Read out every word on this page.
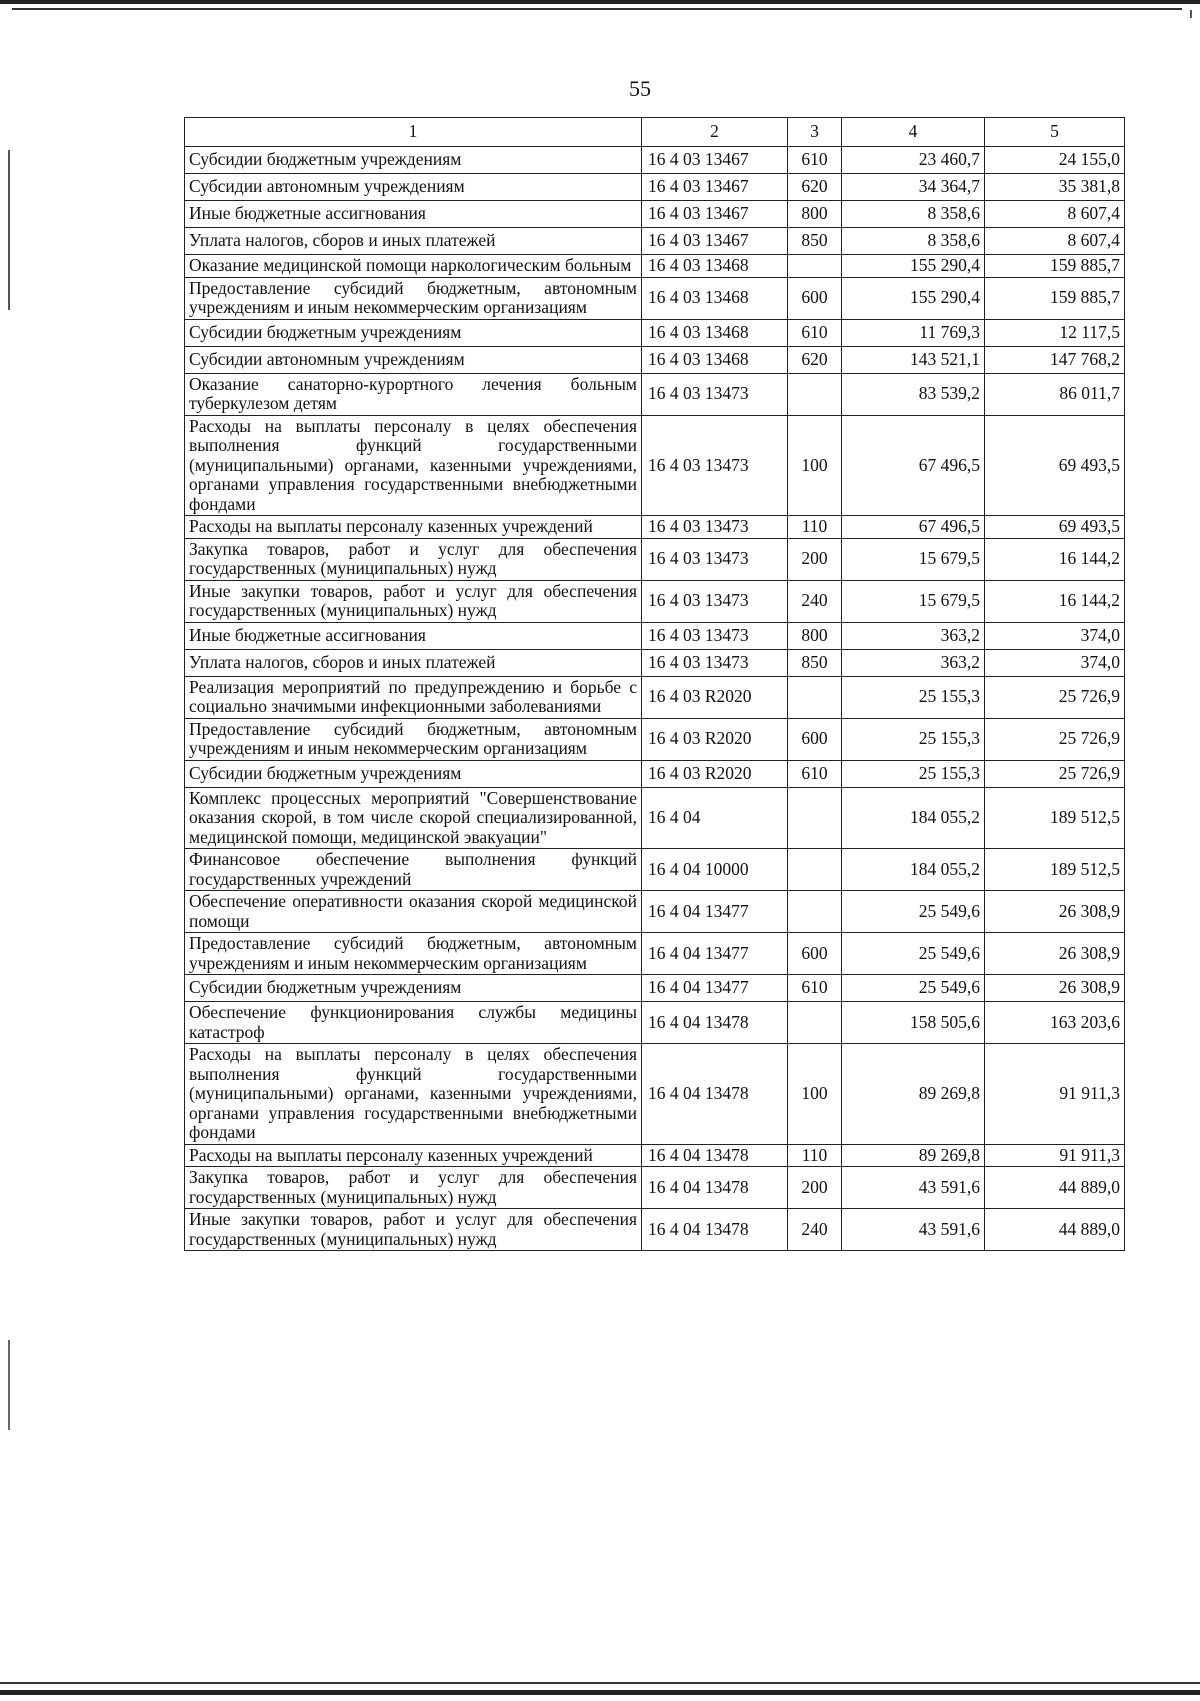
55
1	2	3	4	5
Субсидии бюджетным учреждениям	16 4 03 13467	610	23 460,7	24 155,0
Субсидии автономным учреждениям	16 4 03 13467	620	34 364,7	35 381,8
Иные бюджетные ассигнования	16 4 03 13467	800	8 358,6	8 607,4
Уплата налогов, сборов и иных платежей	16 4 03 13467	850	8 358,6	8 607,4
Оказание медицинской помощи наркологическим больным	16 4 03 13468		155 290,4	159 885,7
Предоставление субсидий бюджетным, автономным учреждениям и иным некоммерческим организациям	16 4 03 13468	600	155 290,4	159 885,7
Субсидии бюджетным учреждениям	16 4 03 13468	610	11 769,3	12 117,5
Субсидии автономным учреждениям	16 4 03 13468	620	143 521,1	147 768,2
Оказание санаторно-курортного лечения больным туберкулезом детям	16 4 03 13473		83 539,2	86 011,7
Расходы на выплаты персоналу в целях обеспечения выполнения функций государственными (муниципальными) органами, казенными учреждениями, органами управления государственными внебюджетными фондами	16 4 03 13473	100	67 496,5	69 493,5
Расходы на выплаты персоналу казенных учреждений	16 4 03 13473	110	67 496,5	69 493,5
Закупка товаров, работ и услуг для обеспечения государственных (муниципальных) нужд	16 4 03 13473	200	15 679,5	16 144,2
Иные закупки товаров, работ и услуг для обеспечения государственных (муниципальных) нужд	16 4 03 13473	240	15 679,5	16 144,2
Иные бюджетные ассигнования	16 4 03 13473	800	363,2	374,0
Уплата налогов, сборов и иных платежей	16 4 03 13473	850	363,2	374,0
Реализация мероприятий по предупреждению и борьбе с социально значимыми инфекционными заболеваниями	16 4 03 R2020		25 155,3	25 726,9
Предоставление субсидий бюджетным, автономным учреждениям и иным некоммерческим организациям	16 4 03 R2020	600	25 155,3	25 726,9
Субсидии бюджетным учреждениям	16 4 03 R2020	610	25 155,3	25 726,9
Комплекс процессных мероприятий "Совершенствование оказания скорой, в том числе скорой специализированной, медицинской помощи, медицинской эвакуации"	16 4 04		184 055,2	189 512,5
Финансовое обеспечение выполнения функций государственных учреждений	16 4 04 10000		184 055,2	189 512,5
Обеспечение оперативности оказания скорой медицинской помощи	16 4 04 13477		25 549,6	26 308,9
Предоставление субсидий бюджетным, автономным учреждениям и иным некоммерческим организациям	16 4 04 13477	600	25 549,6	26 308,9
Субсидии бюджетным учреждениям	16 4 04 13477	610	25 549,6	26 308,9
Обеспечение функционирования службы медицины катастроф	16 4 04 13478		158 505,6	163 203,6
Расходы на выплаты персоналу в целях обеспечения выполнения функций государственными (муниципальными) органами, казенными учреждениями, органами управления государственными внебюджетными фондами	16 4 04 13478	100	89 269,8	91 911,3
Расходы на выплаты персоналу казенных учреждений	16 4 04 13478	110	89 269,8	91 911,3
Закупка товаров, работ и услуг для обеспечения государственных (муниципальных) нужд	16 4 04 13478	200	43 591,6	44 889,0
Иные закупки товаров, работ и услуг для обеспечения государственных (муниципальных) нужд	16 4 04 13478	240	43 591,6	44 889,0
